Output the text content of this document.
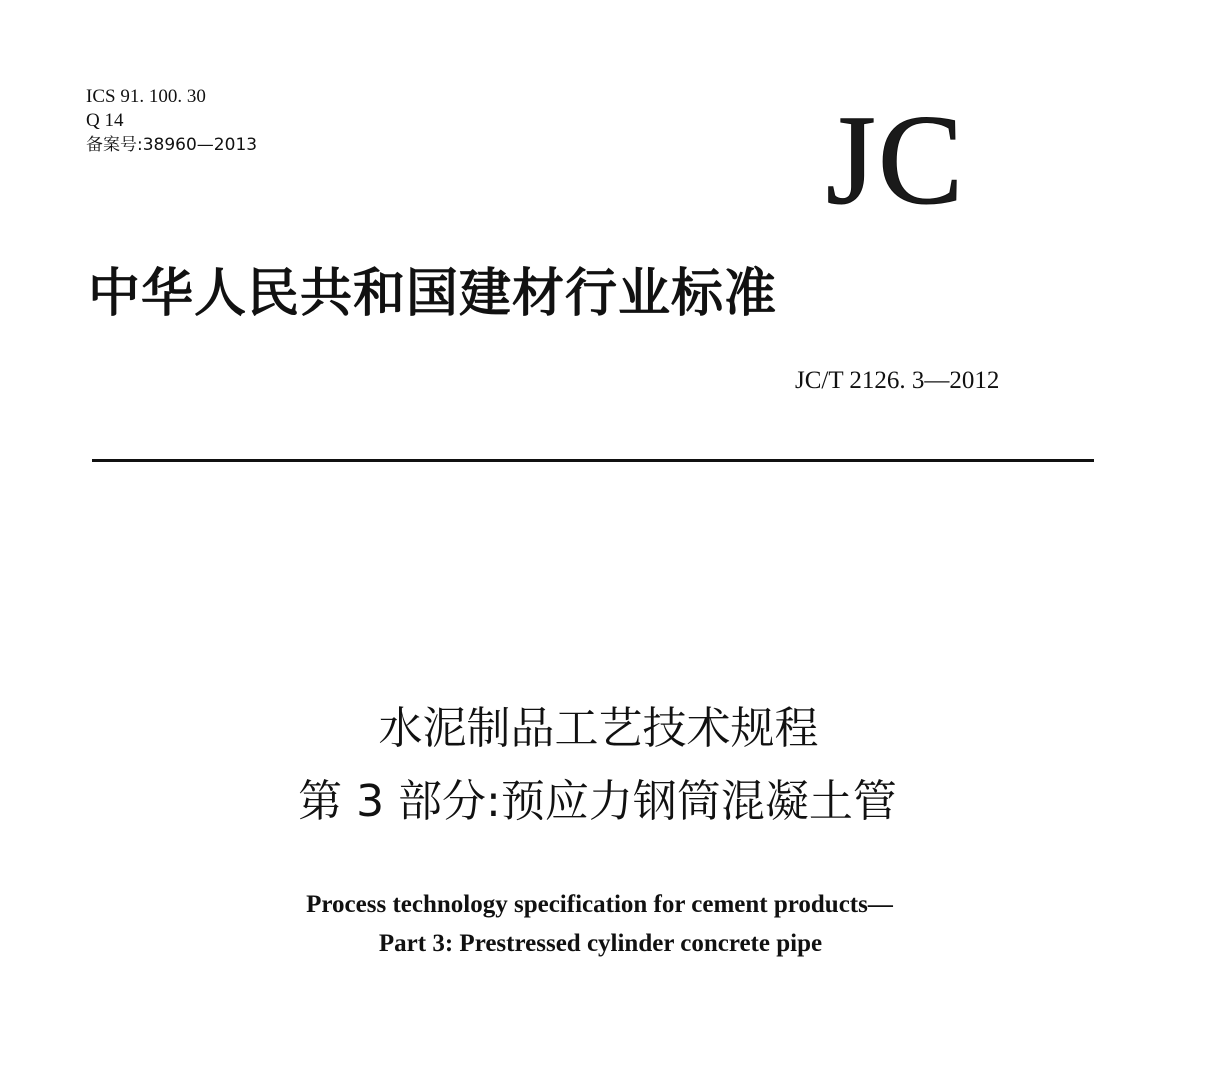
ICS 91. 100. 30
Q 14
备案号:38960—2013	JC
中华人民共和国建材行业标准
JC/T 2126. 3—2012
水泥制品工艺技术规程
第 3 部分:预应力钢筒混凝土管
Process technology specification for cement products—
Part 3: Prestressed cylinder concrete pipe
